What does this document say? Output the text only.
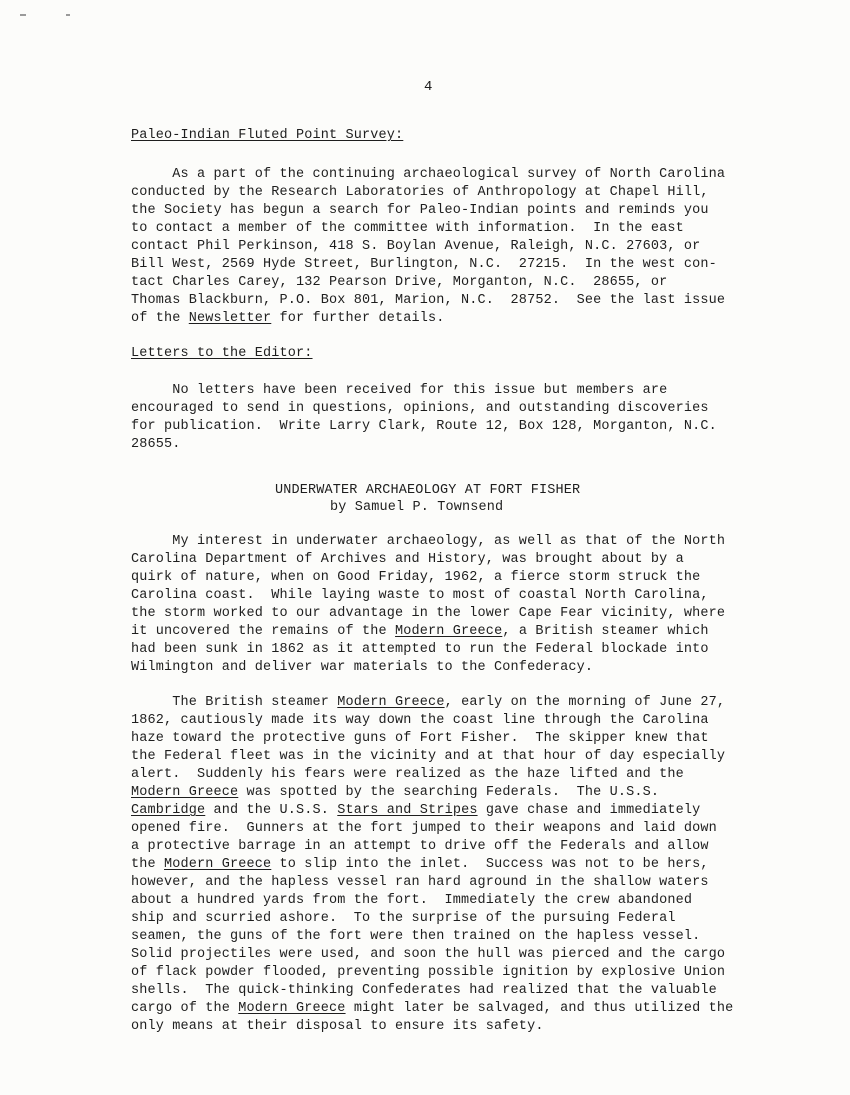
4
Paleo-Indian Fluted Point Survey:
As a part of the continuing archaeological survey of North Carolina
conducted by the Research Laboratories of Anthropology at Chapel Hill,
the Society has begun a search for Paleo-Indian points and reminds you
to contact a member of the committee with information.  In the east
contact Phil Perkinson, 418 S. Boylan Avenue, Raleigh, N.C. 27603, or
Bill West, 2569 Hyde Street, Burlington, N.C.  27215.  In the west con-
tact Charles Carey, 132 Pearson Drive, Morganton, N.C.  28655, or
Thomas Blackburn, P.O. Box 801, Marion, N.C.  28752.  See the last issue
of the Newsletter for further details.
Letters to the Editor:
No letters have been received for this issue but members are
encouraged to send in questions, opinions, and outstanding discoveries
for publication.  Write Larry Clark, Route 12, Box 128, Morganton, N.C.
28655.
UNDERWATER ARCHAEOLOGY AT FORT FISHER
by Samuel P. Townsend
My interest in underwater archaeology, as well as that of the North
Carolina Department of Archives and History, was brought about by a
quirk of nature, when on Good Friday, 1962, a fierce storm struck the
Carolina coast.  While laying waste to most of coastal North Carolina,
the storm worked to our advantage in the lower Cape Fear vicinity, where
it uncovered the remains of the Modern Greece, a British steamer which
had been sunk in 1862 as it attempted to run the Federal blockade into
Wilmington and deliver war materials to the Confederacy.
The British steamer Modern Greece, early on the morning of June 27,
1862, cautiously made its way down the coast line through the Carolina
haze toward the protective guns of Fort Fisher.  The skipper knew that
the Federal fleet was in the vicinity and at that hour of day especially
alert.  Suddenly his fears were realized as the haze lifted and the
Modern Greece was spotted by the searching Federals.  The U.S.S.
Cambridge and the U.S.S. Stars and Stripes gave chase and immediately
opened fire.  Gunners at the fort jumped to their weapons and laid down
a protective barrage in an attempt to drive off the Federals and allow
the Modern Greece to slip into the inlet.  Success was not to be hers,
however, and the hapless vessel ran hard aground in the shallow waters
about a hundred yards from the fort.  Immediately the crew abandoned
ship and scurried ashore.  To the surprise of the pursuing Federal
seamen, the guns of the fort were then trained on the hapless vessel.
Solid projectiles were used, and soon the hull was pierced and the cargo
of flack powder flooded, preventing possible ignition by explosive Union
shells.  The quick-thinking Confederates had realized that the valuable
cargo of the Modern Greece might later be salvaged, and thus utilized the
only means at their disposal to ensure its safety.
